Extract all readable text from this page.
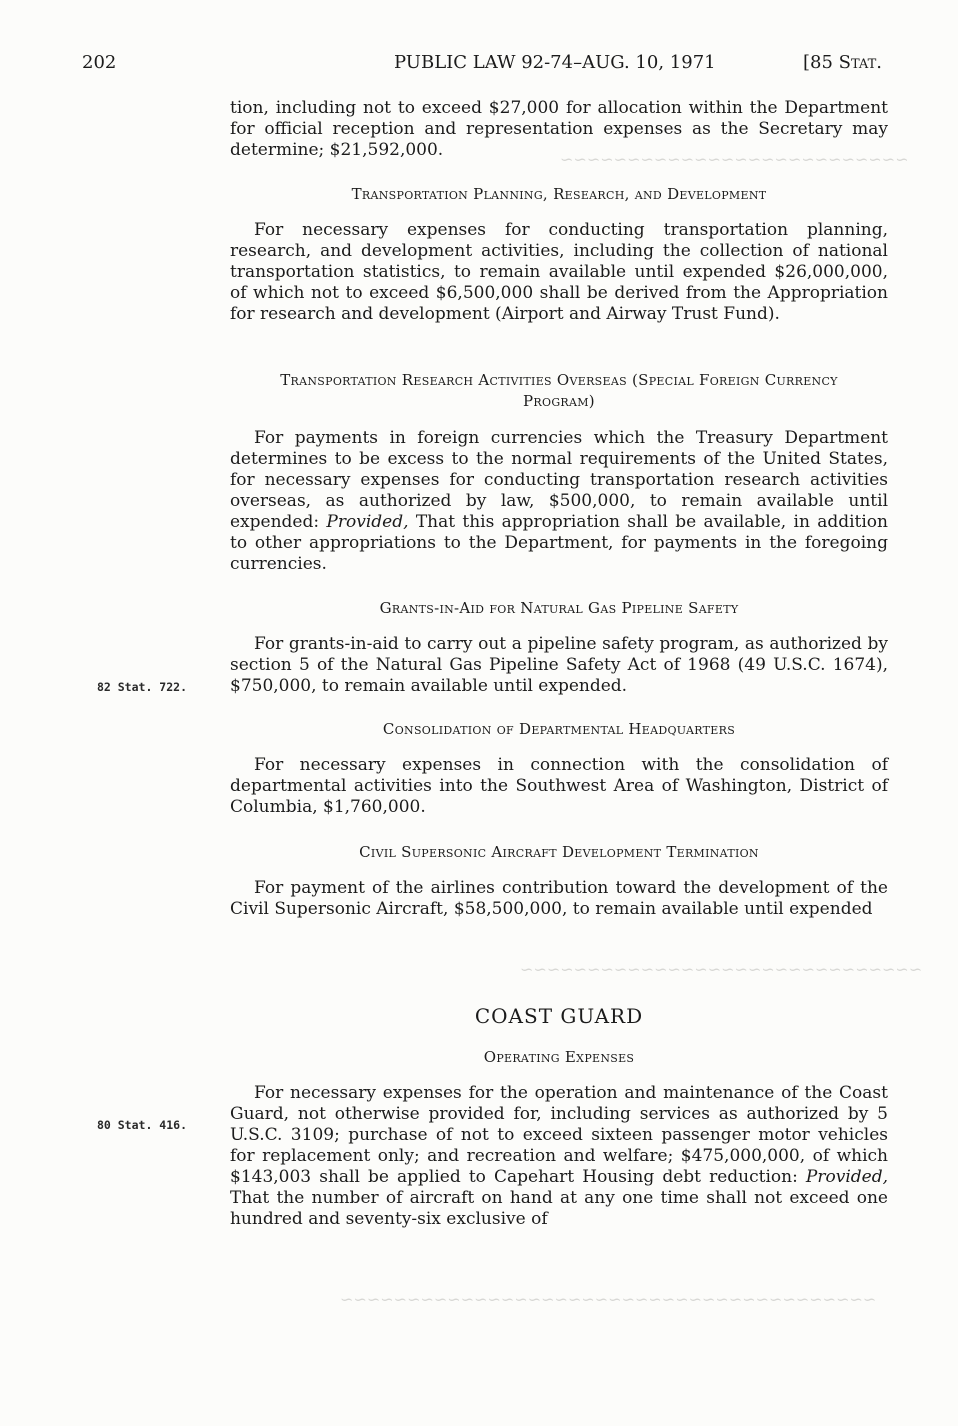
~~~~~~~~~~~~~~~~~~~~~~~~~~
~~~~~~~~~~~~~~~~~~~~~~~~~~~~~~
~~~~~~~~~~~~~~~~~~~~~~~~~~~~~~~~~~~~~~~~
202	PUBLIC LAW 92-74–AUG. 10, 1971	[85 Stat.
tion, including not to exceed $27,000 for allocation within the Department for official reception and representation expenses as the Secretary may determine; $21,592,000.
Transportation Planning, Research, and Development
For necessary expenses for conducting transportation planning, research, and development activities, including the collection of national transportation statistics, to remain available until expended $26,000,000, of which not to exceed $6,500,000 shall be derived from the Appropriation for research and development (Airport and Airway Trust Fund).
Transportation Research Activities Overseas (Special Foreign Currency Program)
For payments in foreign currencies which the Treasury Department determines to be excess to the normal requirements of the United States, for necessary expenses for conducting transportation research activities overseas, as authorized by law, $500,000, to remain available until expended: Provided, That this appropriation shall be available, in addition to other appropriations to the Department, for payments in the foregoing currencies.
Grants-in-Aid for Natural Gas Pipeline Safety
For grants-in-aid to carry out a pipeline safety program, as authorized by section 5 of the Natural Gas Pipeline Safety Act of 1968 (49 U.S.C. 1674), $750,000, to remain available until expended.
82 Stat. 722.
Consolidation of Departmental Headquarters
For necessary expenses in connection with the consolidation of departmental activities into the Southwest Area of Washington, District of Columbia, $1,760,000.
Civil Supersonic Aircraft Development Termination
For payment of the airlines contribution toward the development of the Civil Supersonic Aircraft, $58,500,000, to remain available until expended
COAST GUARD
Operating Expenses
For necessary expenses for the operation and maintenance of the Coast Guard, not otherwise provided for, including services as authorized by 5 U.S.C. 3109; purchase of not to exceed sixteen passenger motor vehicles for replacement only; and recreation and welfare; $475,000,000, of which $143,003 shall be applied to Capehart Housing debt reduction: Provided, That the number of aircraft on hand at any one time shall not exceed one hundred and seventy-six exclusive of
80 Stat. 416.
